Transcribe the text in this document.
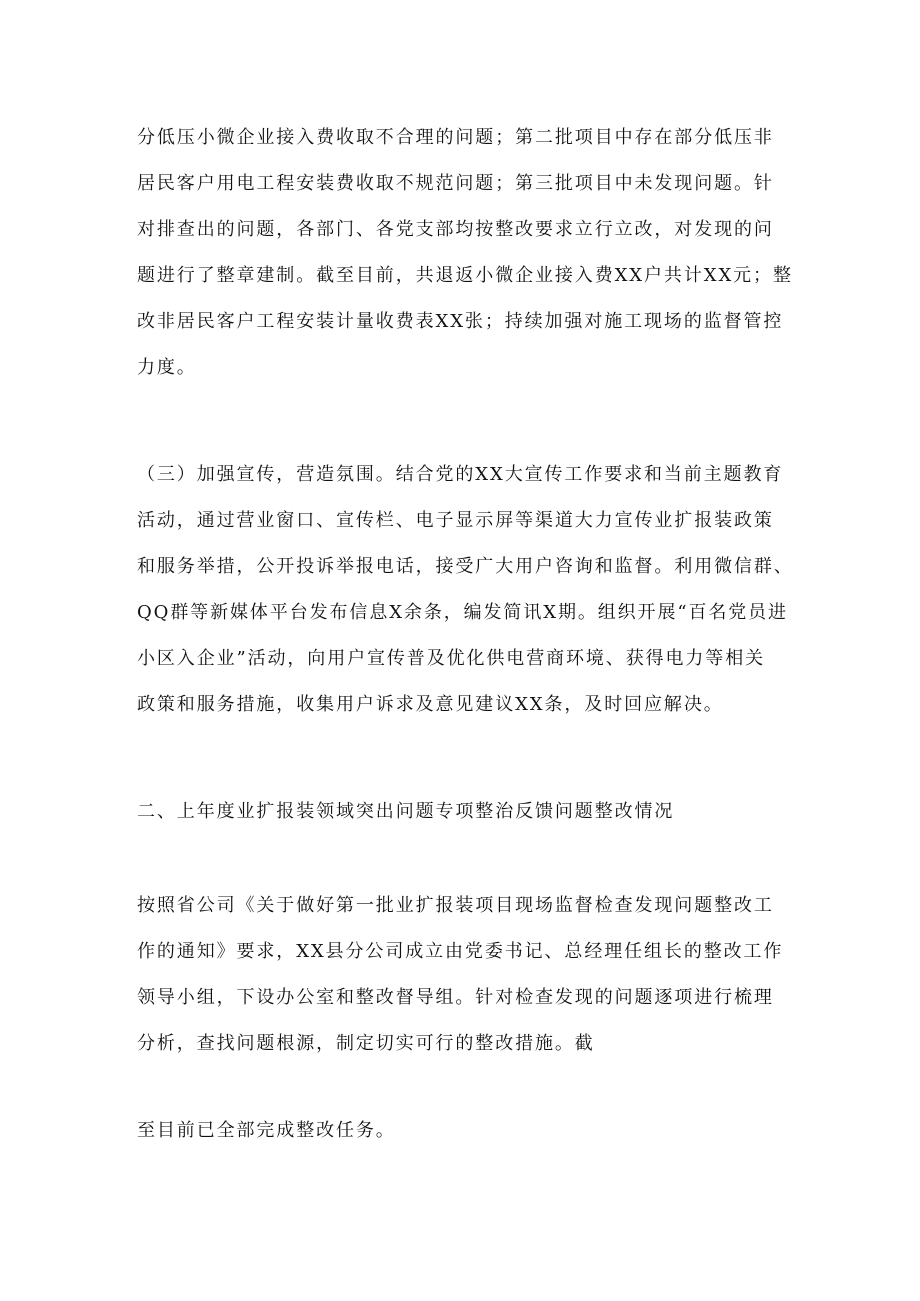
分低压小微企业接入费收取不合理的问题；第二批项目中存在部分低压非
居民客户用电工程安装费收取不规范问题；第三批项目中未发现问题。针
对排查出的问题，各部门、各党支部均按整改要求立行立改，对发现的问
题进行了整章建制。截至目前，共退返小微企业接入费XX户共计XX元；整
改非居民客户工程安装计量收费表XX张；持续加强对施工现场的监督管控
力度。
（三）加强宣传，营造氛围。结合党的XX大宣传工作要求和当前主题教育
活动，通过营业窗口、宣传栏、电子显示屏等渠道大力宣传业扩报装政策
和服务举措，公开投诉举报电话，接受广大用户咨询和监督。利用微信群、
QQ群等新媒体平台发布信息X余条，编发简讯X期。组织开展“百名党员进
小区入企业”活动，向用户宣传普及优化供电营商环境、获得电力等相关
政策和服务措施，收集用户诉求及意见建议XX条，及时回应解决。
二、上年度业扩报装领域突出问题专项整治反馈问题整改情况
按照省公司《关于做好第一批业扩报装项目现场监督检查发现问题整改工
作的通知》要求，XX县分公司成立由党委书记、总经理任组长的整改工作
领导小组，下设办公室和整改督导组。针对检查发现的问题逐项进行梳理
分析，查找问题根源，制定切实可行的整改措施。截
至目前已全部完成整改任务。
